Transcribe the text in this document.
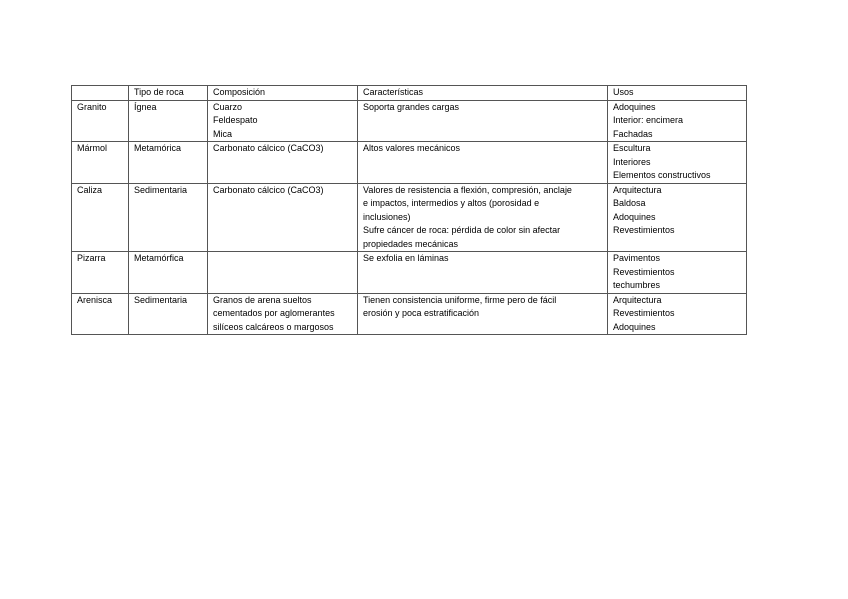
	Tipo de roca	Composición	Características	Usos
Granito	Ígnea	Cuarzo
Feldespato
Mica	Soporta grandes cargas	Adoquines
Interior: encimera
Fachadas

Mármol	Metamórica	Carbonato cálcico (CaCO3)	Altos valores mecánicos	Escultura
Interiores
Elementos constructivos

Caliza	Sedimentaria	Carbonato cálcico (CaCO3)	Valores de resistencia a flexión, compresión, anclaje
e impactos, intermedios y altos (porosidad e
inclusiones)
Sufre cáncer de roca: pérdida de color sin afectar
propiedades mecánicas	Arquitectura
Baldosa
Adoquines
Revestimientos

Pizarra	Metamórfica		Se exfolia en láminas	Pavimentos
Revestimientos
techumbres

Arenisca	Sedimentaria	Granos de arena sueltos
cementados por aglomerantes
silíceos calcáreos o margosos	Tienen consistencia uniforme, firme pero de fácil
erosión y poca estratificación	Arquitectura
Revestimientos
Adoquines
